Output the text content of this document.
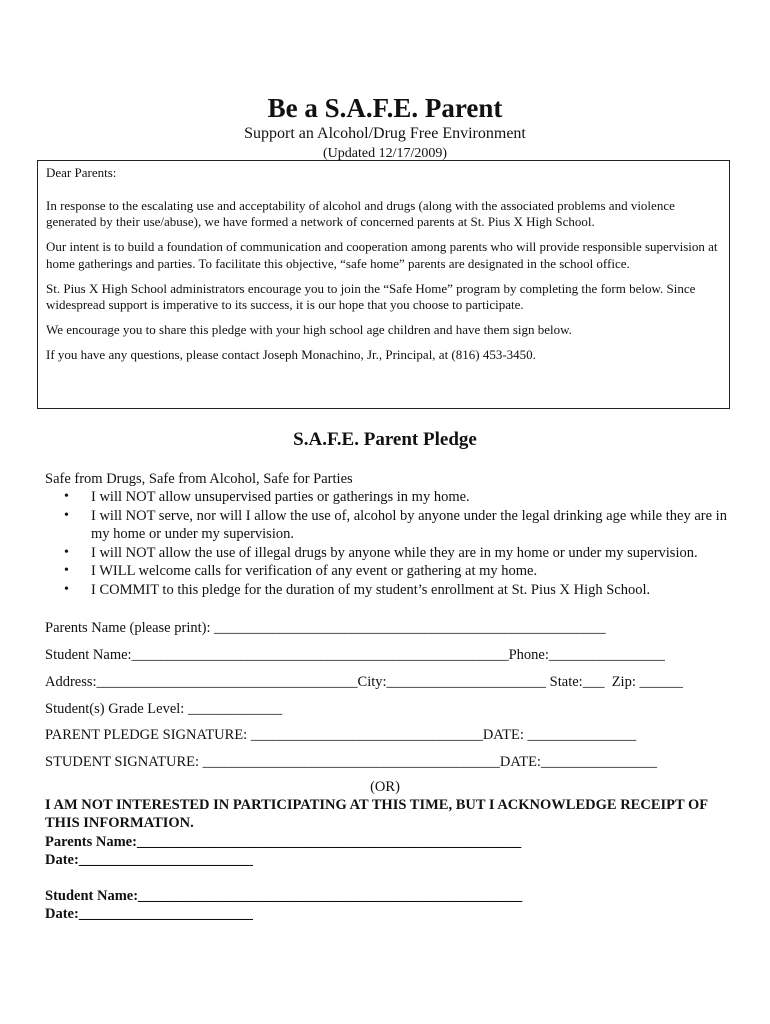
Be a S.A.F.E. Parent
Support an Alcohol/Drug Free Environment
(Updated 12/17/2009)

Dear Parents:

In response to the escalating use and acceptability of alcohol and drugs (along with the associated problems and violence generated by their use/abuse), we have formed a network of concerned parents at St. Pius X High School.

Our intent is to build a foundation of communication and cooperation among parents who will provide responsible supervision at home gatherings and parties. To facilitate this objective, “safe home” parents are designated in the school office.

St. Pius X High School administrators encourage you to join the “Safe Home” program by completing the form below. Since widespread support is imperative to its success, it is our hope that you choose to participate.

We encourage you to share this pledge with your high school age children and have them sign below.

If you have any questions, please contact Joseph Monachino, Jr., Principal, at (816) 453-3450.

S.A.F.E. Parent Pledge
Safe from Drugs, Safe from Alcohol, Safe for Parties
• I will NOT allow unsupervised parties or gatherings in my home.
• I will NOT serve, nor will I allow the use of, alcohol by anyone under the legal drinking age while they are in my home or under my supervision.
• I will NOT allow the use of illegal drugs by anyone while they are in my home or under my supervision.
• I WILL welcome calls for verification of any event or gathering at my home.
• I COMMIT to this pledge for the duration of my student’s enrollment at St. Pius X High School.
Parents Name (please print): ______________________________________________________
Student Name:____________________________________________________Phone:________________
Address:____________________________________City:______________________ State:___  Zip: ______
Student(s) Grade Level: _____________
PARENT PLEDGE SIGNATURE: ________________________________DATE: _______________
STUDENT SIGNATURE: _________________________________________DATE:________________
(OR)
I AM NOT INTERESTED IN PARTICIPATING AT THIS TIME, BUT I ACKNOWLEDGE RECEIPT OF THIS INFORMATION.
Parents Name:_____________________________________________________
Date:________________________
Student Name:_____________________________________________________
Date:________________________
